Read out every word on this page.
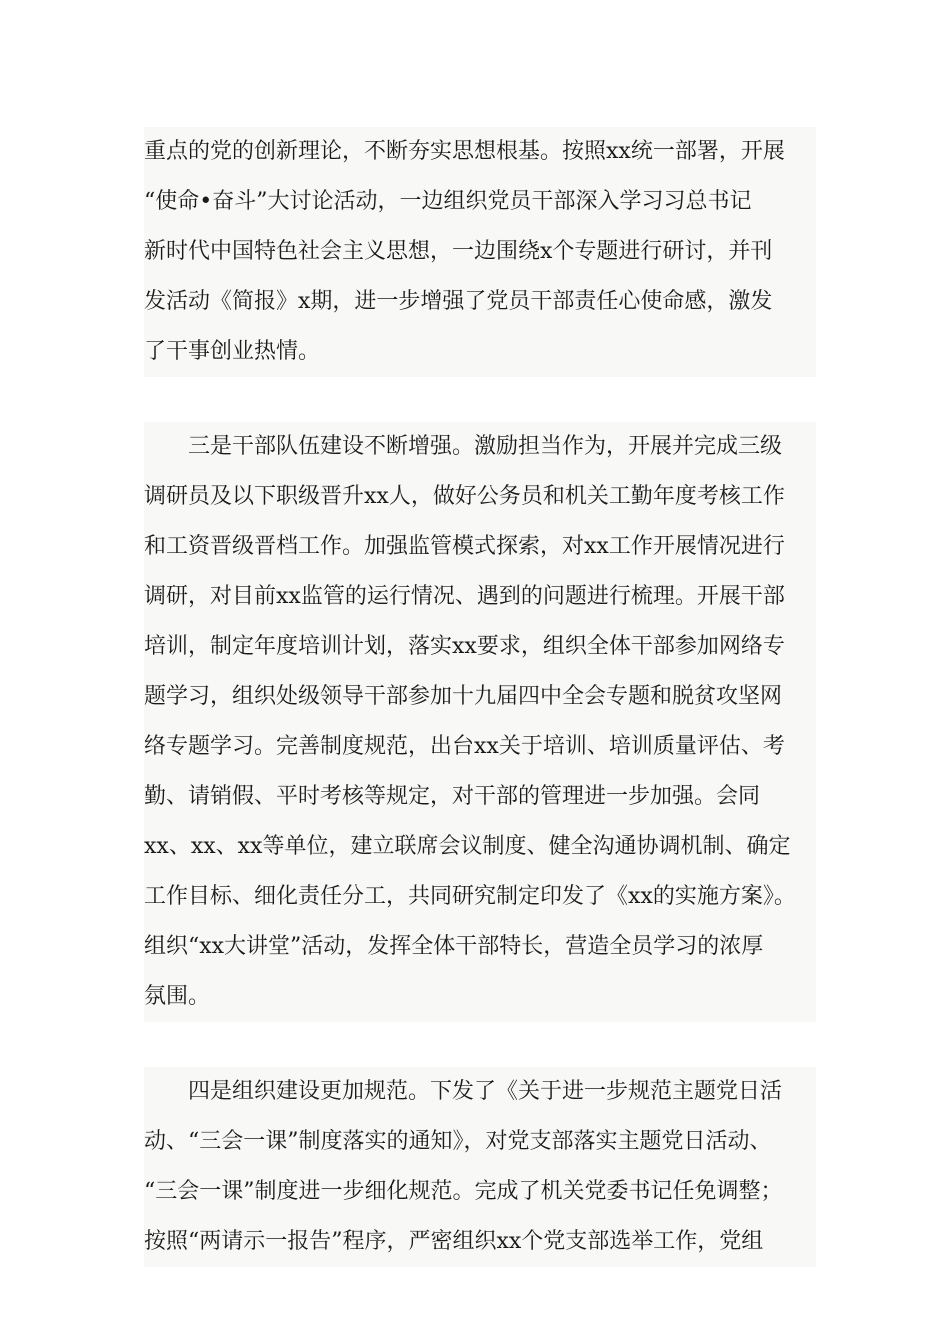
重点的党的创新理论，不断夯实思想根基。按照xx统一部署，开展
“使命•奋斗”大讨论活动，一边组织党员干部深入学习习总书记
新时代中国特色社会主义思想，一边围绕x个专题进行研讨，并刊
发活动《简报》x期，进一步增强了党员干部责任心使命感，激发
了干事创业热情。
　　三是干部队伍建设不断增强。激励担当作为，开展并完成三级
调研员及以下职级晋升xx人，做好公务员和机关工勤年度考核工作
和工资晋级晋档工作。加强监管模式探索，对xx工作开展情况进行
调研，对目前xx监管的运行情况、遇到的问题进行梳理。开展干部
培训，制定年度培训计划，落实xx要求，组织全体干部参加网络专
题学习，组织处级领导干部参加十九届四中全会专题和脱贫攻坚网
络专题学习。完善制度规范，出台xx关于培训、培训质量评估、考
勤、请销假、平时考核等规定，对干部的管理进一步加强。会同
xx、xx、xx等单位，建立联席会议制度、健全沟通协调机制、确定
工作目标、细化责任分工，共同研究制定印发了《xx的实施方案》。
组织“xx大讲堂”活动，发挥全体干部特长，营造全员学习的浓厚
氛围。
　　四是组织建设更加规范。下发了《关于进一步规范主题党日活
动、“三会一课”制度落实的通知》，对党支部落实主题党日活动、
“三会一课”制度进一步细化规范。完成了机关党委书记任免调整；
按照“两请示一报告”程序，严密组织xx个党支部选举工作，党组
